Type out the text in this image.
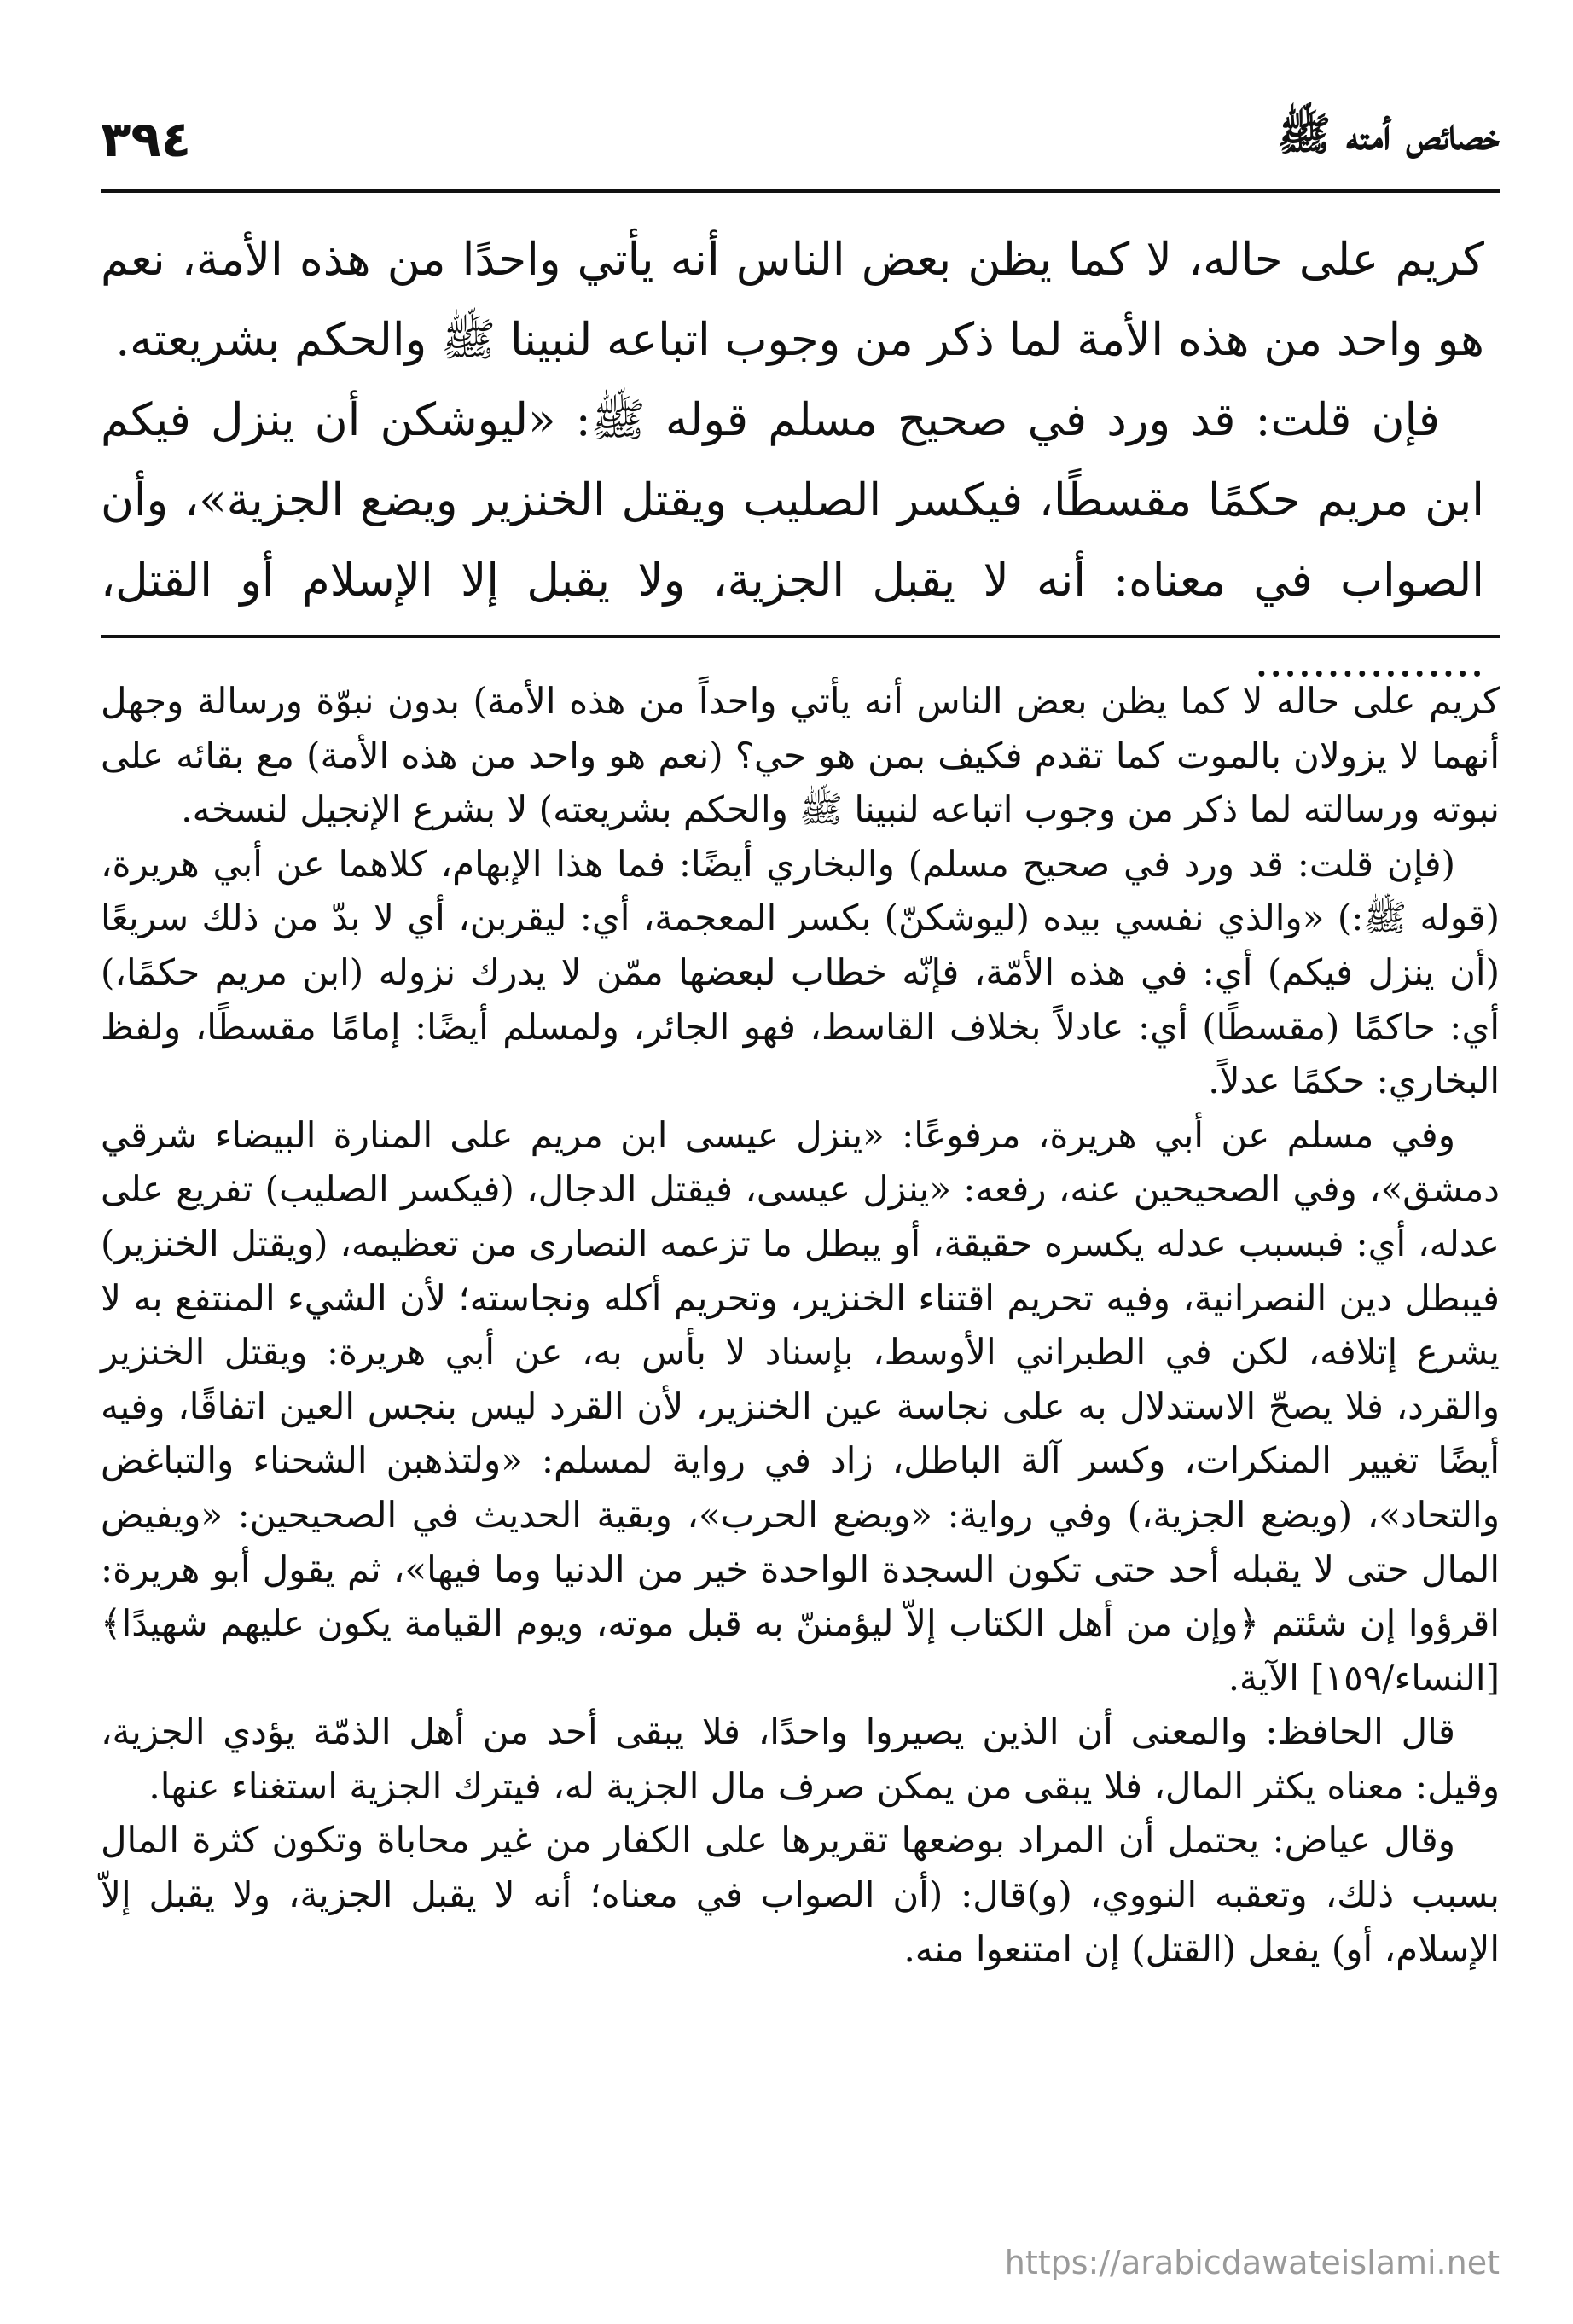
٣٩٤	خصائص أمته ﷺ

كريم على حاله، لا كما يظن بعض الناس أنه يأتي واحدًا من هذه الأمة، نعم هو واحد من هذه الأمة لما ذكر من وجوب اتباعه لنبينا ﷺ والحكم بشريعته.

فإن قلت: قد ورد في صحيح مسلم قوله ﷺ: «ليوشكن أن ينزل فيكم ابن مريم حكمًا مقسطًا، فيكسر الصليب ويقتل الخنزير ويضع الجزية»، وأن الصواب في معناه: أنه لا يقبل الجزية، ولا يقبل إلا الإسلام أو القتل، ................

كريم على حاله لا كما يظن بعض الناس أنه يأتي واحداً من هذه الأمة) بدون نبوّة ورسالة وجهل أنهما لا يزولان بالموت كما تقدم فكيف بمن هو حي؟ (نعم هو واحد من هذه الأمة) مع بقائه على نبوته ورسالته لما ذكر من وجوب اتباعه لنبينا ﷺ والحكم بشريعته) لا بشرع الإنجيل لنسخه.

(فإن قلت: قد ورد في صحيح مسلم) والبخاري أيضًا: فما هذا الإبهام، كلاهما عن أبي هريرة، (قوله ﷺ:) «والذي نفسي بيده (ليوشكنّ) بكسر المعجمة، أي: ليقربن، أي لا بدّ من ذلك سريعًا (أن ينزل فيكم) أي: في هذه الأمّة، فإنّه خطاب لبعضها ممّن لا يدرك نزوله (ابن مريم حكمًا،) أي: حاكمًا (مقسطًا) أي: عادلاً بخلاف القاسط، فهو الجائر، ولمسلم أيضًا: إمامًا مقسطًا، ولفظ البخاري: حكمًا عدلاً.

وفي مسلم عن أبي هريرة، مرفوعًا: «ينزل عيسى ابن مريم على المنارة البيضاء شرقي دمشق»، وفي الصحيحين عنه، رفعه: «ينزل عيسى، فيقتل الدجال، (فيكسر الصليب) تفريع على عدله، أي: فبسبب عدله يكسره حقيقة، أو يبطل ما تزعمه النصارى من تعظيمه، (ويقتل الخنزير) فيبطل دين النصرانية، وفيه تحريم اقتناء الخنزير، وتحريم أكله ونجاسته؛ لأن الشيء المنتفع به لا يشرع إتلافه، لكن في الطبراني الأوسط، بإسناد لا بأس به، عن أبي هريرة: ويقتل الخنزير والقرد، فلا يصحّ الاستدلال به على نجاسة عين الخنزير، لأن القرد ليس بنجس العين اتفاقًا، وفيه أيضًا تغيير المنكرات، وكسر آلة الباطل، زاد في رواية لمسلم: «ولتذهبن الشحناء والتباغض والتحاد»، (ويضع الجزية،) وفي رواية: «ويضع الحرب»، وبقية الحديث في الصحيحين: «ويفيض المال حتى لا يقبله أحد حتى تكون السجدة الواحدة خير من الدنيا وما فيها»، ثم يقول أبو هريرة: اقرؤوا إن شئتم ﴿وإن من أهل الكتاب إلاّ ليؤمننّ به قبل موته، ويوم القيامة يكون عليهم شهيدًا﴾ [النساء/١٥٩] الآية.

قال الحافظ: والمعنى أن الذين يصيروا واحدًا، فلا يبقى أحد من أهل الذمّة يؤدي الجزية، وقيل: معناه يكثر المال، فلا يبقى من يمكن صرف مال الجزية له، فيترك الجزية استغناء عنها.

وقال عياض: يحتمل أن المراد بوضعها تقريرها على الكفار من غير محاباة وتكون كثرة المال بسبب ذلك، وتعقبه النووي، (و)قال: (أن الصواب في معناه؛ أنه لا يقبل الجزية، ولا يقبل إلاّ الإسلام، أو) يفعل (القتل) إن امتنعوا منه.

https://arabicdawateislami.net
